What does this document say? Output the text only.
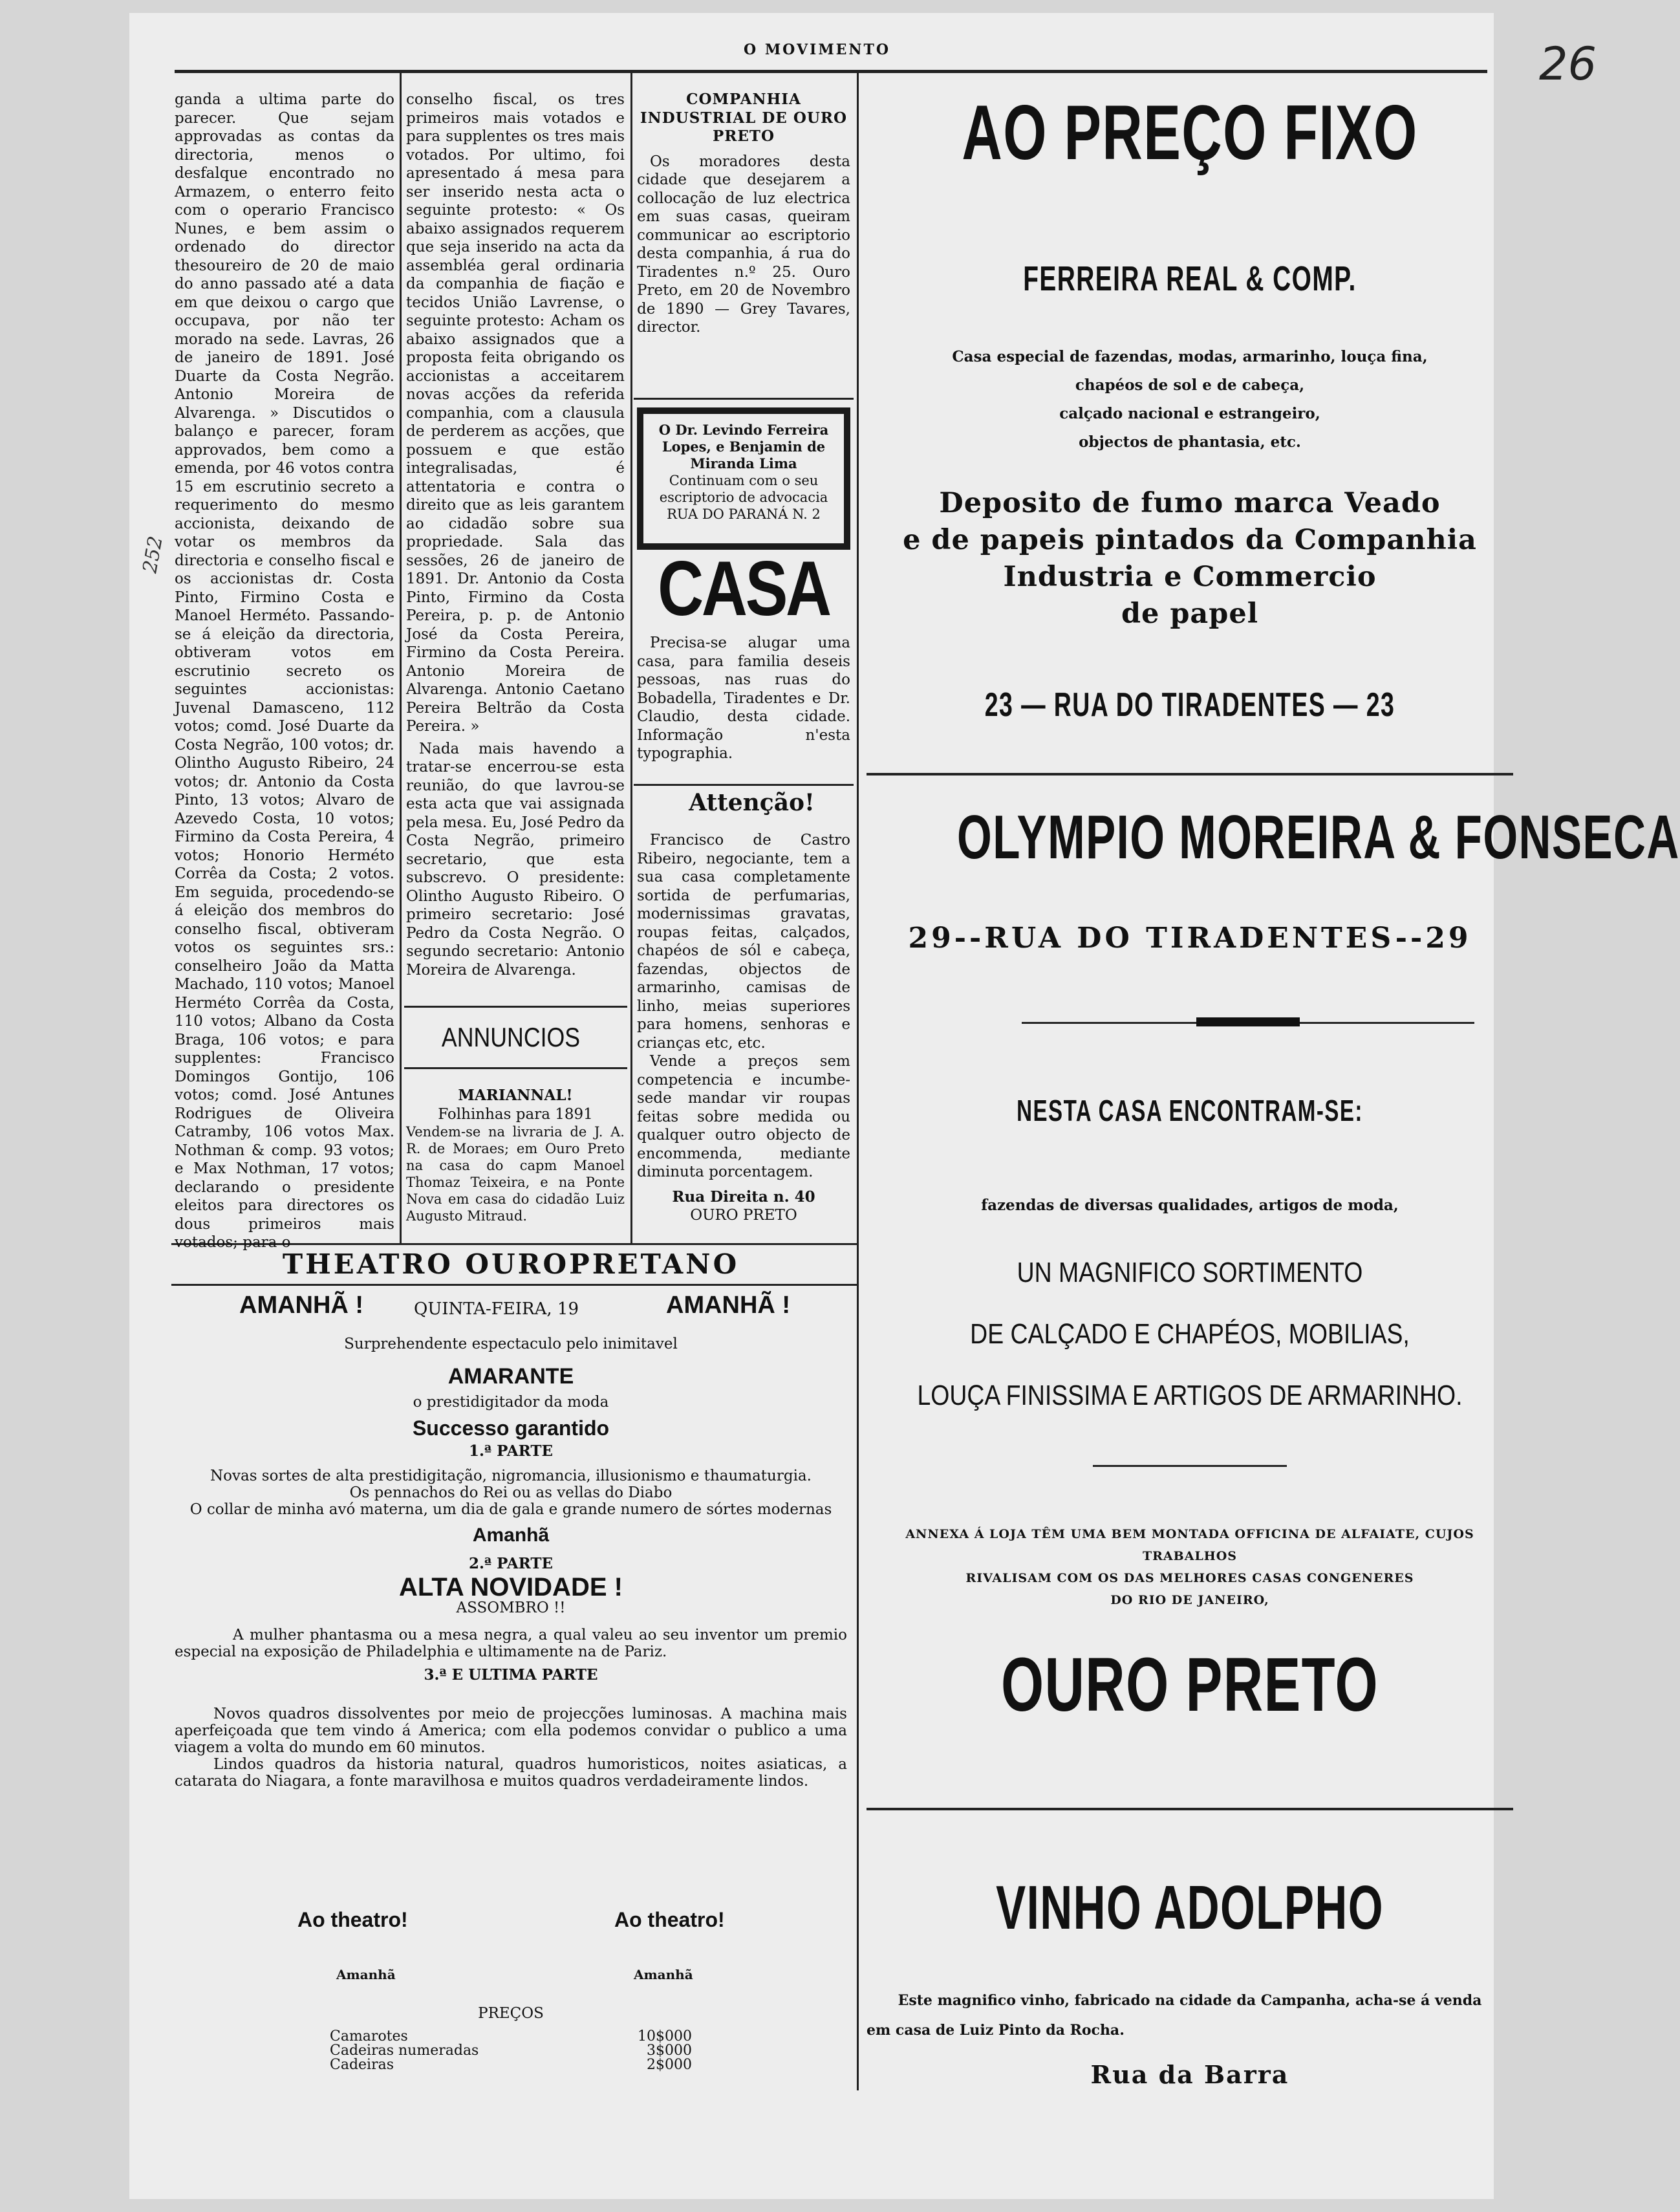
O MOVIMENTO	26
252

ganda a ultima parte do parecer. Que sejam approvadas as contas da directoria, menos o desfalque encontrado no Armazem, o enterro feito com o operario Francisco Nunes, e bem assim o ordenado do director thesoureiro de 20 de maio do anno passado até a data em que deixou o cargo que occupava, por não ter morado na sede. Lavras, 26 de janeiro de 1891. José Duarte da Costa Negrão. Antonio Moreira de Alvarenga. » Discutidos o balanço e parecer, foram approvados, bem como a emenda, por 46 votos contra 15 em escrutinio secreto a requerimento do mesmo accionista, deixando de votar os membros da directoria e conselho fiscal e os accionistas dr. Costa Pinto, Firmino Costa e Manoel Herméto. Passando-se á eleição da directoria, obtiveram votos em escrutinio secreto os seguintes accionistas: Juvenal Damasceno, 112 votos; comd. José Duarte da Costa Negrão, 100 votos; dr. Olintho Augusto Ribeiro, 24 votos; dr. Antonio da Costa Pinto, 13 votos; Alvaro de Azevedo Costa, 10 votos; Firmino da Costa Pereira, 4 votos; Honorio Herméto Corrêa da Costa; 2 votos. Em seguida, procedendo-se á eleição dos membros do conselho fiscal, obtiveram votos os seguintes srs.: conselheiro João da Matta Machado, 110 votos; Manoel Herméto Corrêa da Costa, 110 votos; Albano da Costa Braga, 106 votos; e para supplentes: Francisco Domingos Gontijo, 106 votos; comd. José Antunes Rodrigues de Oliveira Catramby, 106 votos Max. Nothman & comp. 93 votos; e Max Nothman, 17 votos; declarando o presidente eleitos para directores os dous primeiros mais votados; para o

conselho fiscal, os tres primeiros mais votados e para supplentes os tres mais votados. Por ultimo, foi apresentado á mesa para ser inserido nesta acta o seguinte protesto: « Os abaixo assignados requerem que seja inserido na acta da assembléa geral ordinaria da companhia de fiação e tecidos União Lavrense, o seguinte protesto: Acham os abaixo assignados que a proposta feita obrigando os accionistas a acceitarem novas acções da referida companhia, com a clausula de perderem as acções, que possuem e que estão integralisadas, é attentatoria e contra o direito que as leis garantem ao cidadão sobre sua propriedade. Sala das sessões, 26 de janeiro de 1891. Dr. Antonio da Costa Pinto, Firmino da Costa Pereira, p. p. de Antonio José da Costa Pereira, Firmino da Costa Pereira. Antonio Moreira de Alvarenga. Antonio Caetano Pereira Beltrão da Costa Pereira. »

Nada mais havendo a tratar-se encerrou-se esta reunião, do que lavrou-se esta acta que vai assignada pela mesa. Eu, José Pedro da Costa Negrão, primeiro secretario, que esta subscrevo. O presidente: Olintho Augusto Ribeiro. O primeiro secretario: José Pedro da Costa Negrão. O segundo secretario: Antonio Moreira de Alvarenga.

ANNUNCIOS

MARIANNAL!

Folhinhas para 1891

Vendem-se na livraria de J. A. R. de Moraes; em Ouro Preto na casa do capm Manoel Thomaz Teixeira, e na Ponte Nova em casa do cidadão Luiz Augusto Mitraud.

COMPANHIA INDUSTRIAL DE OURO PRETO

Os moradores desta cidade que desejarem a collocação de luz electrica em suas casas, queiram communicar ao escriptorio desta companhia, á rua do Tiradentes n.º 25. Ouro Preto, em 20 de Novembro de 1890 — Grey Tavares, director.

O Dr. Levindo Ferreira Lopes, e Benjamin de Miranda Lima
Continuam com o seu escriptorio de advocacia
RUA DO PARANÁ N. 2
CASA

Precisa-se alugar uma casa, para familia deseis pessoas, nas ruas do Bobadella, Tiradentes e Dr. Claudio, desta cidade. Informação n'esta typographia.

Attenção!

Francisco de Castro Ribeiro, negociante, tem a sua casa completamente sortida de perfumarias, modernissimas gravatas, roupas feitas, calçados, chapéos de sól e cabeça, fazendas, objectos de armarinho, camisas de linho, meias superiores para homens, senhoras e crianças etc, etc.

Vende a preços sem competencia e incumbe-sede mandar vir roupas feitas sobre medida ou qualquer outro objecto de encommenda, mediante diminuta porcentagem.

Rua Direita n. 40

OURO PRETO

THEATRO OUROPRETANO
AMANHÃ !	QUINTA-FEIRA, 19	AMANHÃ !
Surprehendente espectaculo pelo inimitavel
AMARANTE
o prestidigitador da moda
Successo garantido
1.ª PARTE
Novas sortes de alta prestidigitação, nigromancia, illusionismo e thaumaturgia.
Os pennachos do Rei ou as vellas do Diabo
O collar de minha avó materna, um dia de gala e grande numero de sórtes modernas
Amanhã
2.ª PARTE
ALTA NOVIDADE !
ASSOMBRO !!
A mulher phantasma ou a mesa negra, a qual valeu ao seu inventor um premio especial na exposição de Philadelphia e ultimamente na de Pariz.
3.ª E ULTIMA PARTE
Novos quadros dissolventes por meio de projecções luminosas. A machina mais aperfeiçoada que tem vindo á America; com ella podemos convidar o publico a uma viagem a volta do mundo em 60 minutos.
Lindos quadros da historia natural, quadros humoristicos, noites asiaticas, a catarata do Niagara, a fonte maravilhosa e muitos quadros verdadeiramente lindos.
Ao theatro!	Ao theatro!
Amanhã	Amanhã
PREÇOS
Camarotes	10$000
Cadeiras numeradas	3$000
Cadeiras	2$000
AO PREÇO FIXO
FERREIRA REAL & COMP.
Casa especial de fazendas, modas, armarinho, louça fina,
chapéos de sol e de cabeça,
calçado nacional e estrangeiro,
objectos de phantasia, etc.
Deposito de fumo marca Veado
e de papeis pintados da Companhia
Industria e Commercio
de papel
23 — RUA DO TIRADENTES — 23
OLYMPIO MOREIRA & FONSECA
29--RUA DO TIRADENTES--29
NESTA CASA ENCONTRAM-SE:
fazendas de diversas qualidades, artigos de moda,
UN MAGNIFICO SORTIMENTO
DE CALÇADO E CHAPÉOS, MOBILIAS,
LOUÇA FINISSIMA E ARTIGOS DE ARMARINHO.
ANNEXA Á LOJA TÊM UMA BEM MONTADA OFFICINA DE ALFAIATE, CUJOS TRABALHOS
RIVALISAM COM OS DAS MELHORES CASAS CONGENERES
DO RIO DE JANEIRO,
OURO PRETO
VINHO ADOLPHO
Este magnifico vinho, fabricado na cidade da Campanha, acha-se á venda
em casa de Luiz Pinto da Rocha.
Rua da Barra
